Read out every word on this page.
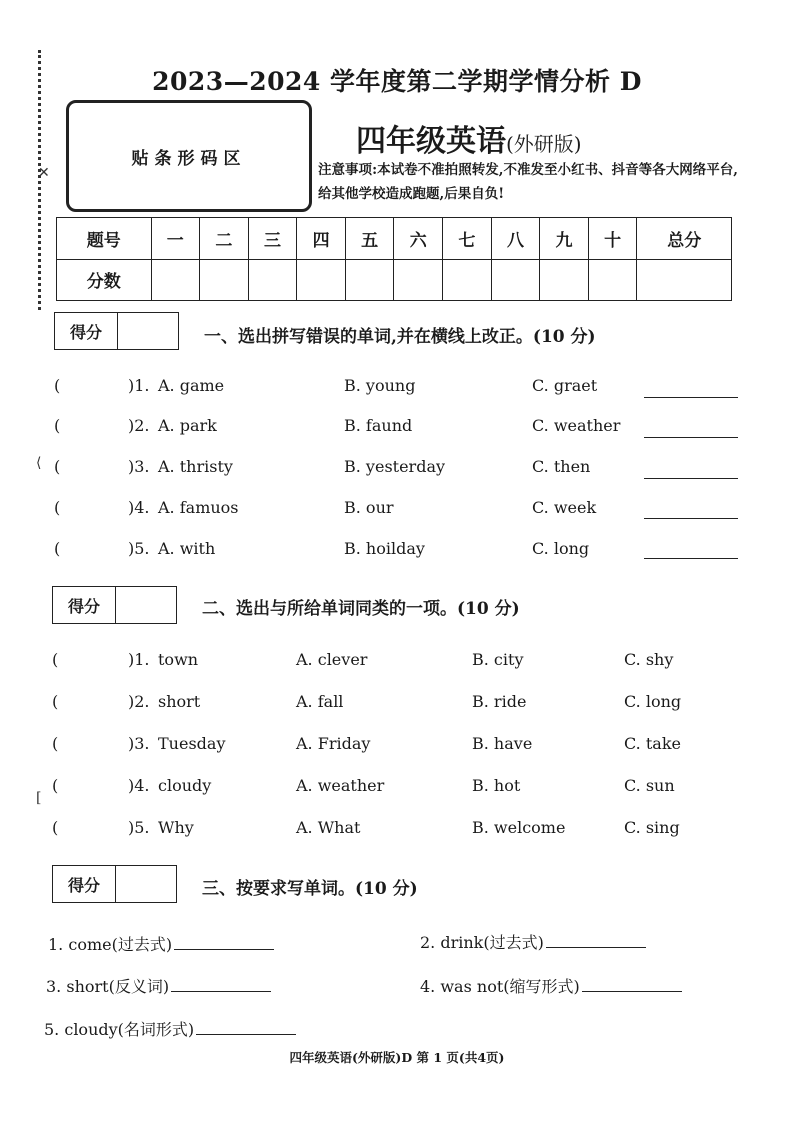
✕
⟨
[
2023—2024 学年度第二学期学情分析 D
贴条形码区	四年级英语(外研版)
注意事项:本试卷不准拍照转发,不准发至小红书、抖音等各大网络平台,给其他学校造成跑题,后果自负!
题号	一	二	三	四	五	六	七	八	九	十	总分
分数											
得分	一、选出拼写错误的单词,并在横线上改正。(10 分)
(	)1. A. game	B. young	C. graet
(	)2. A. park	B. faund	C. weather
(	)3. A. thristy	B. yesterday	C. then
(	)4. A. famuos	B. our	C. week
(	)5. A. with	B. hoilday	C. long
得分	二、选出与所给单词同类的一项。(10 分)
(	)1. town	A. clever	B. city	C. shy
(	)2. short	A. fall	B. ride	C. long
(	)3. Tuesday	A. Friday	B. have	C. take
(	)4. cloudy	A. weather	B. hot	C. sun
(	)5. Why	A. What	B. welcome	C. sing
得分	三、按要求写单词。(10 分)
1. come(过去式)	2. drink(过去式)
3. short(反义词)	4. was not(缩写形式)
5. cloudy(名词形式)
四年级英语(外研版)D 第 1 页(共4页)
